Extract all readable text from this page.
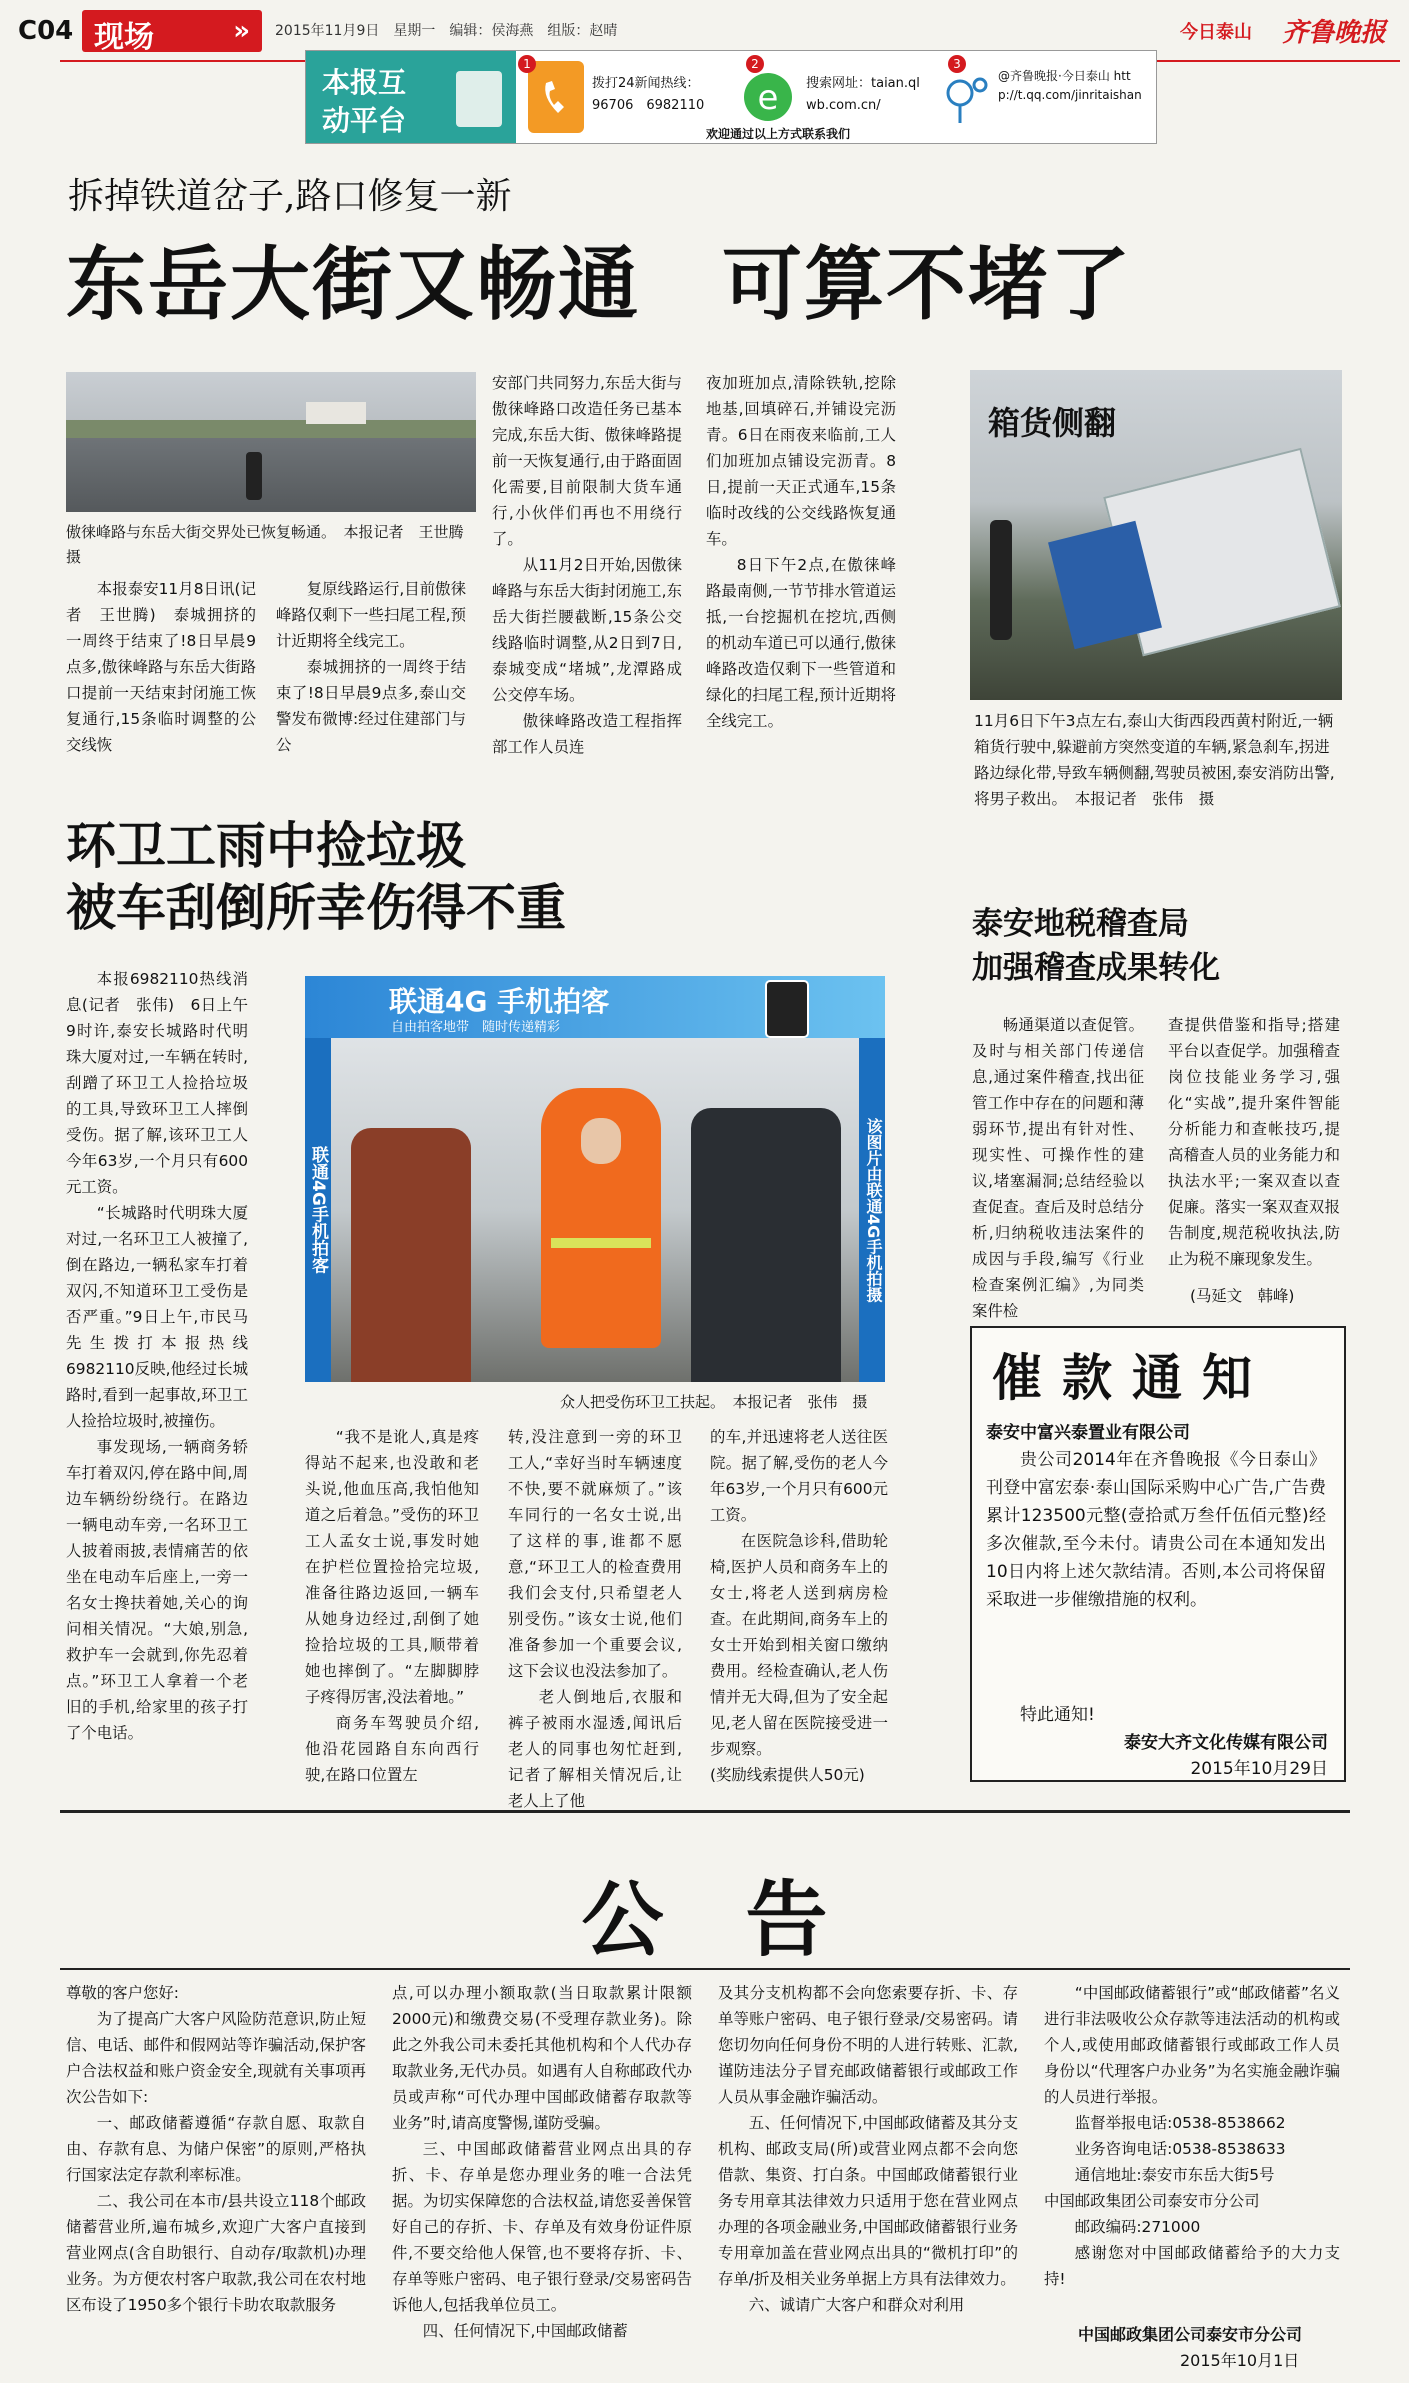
C04 现场	» 2015年11月9日　星期一　编辑：侯海燕　组版：赵晴	今日泰山 齐鲁晚报
本报互
动平台
1
拨打24新闻热线：96706　6982110 e
2
搜索网址：taian.qlwb.com.cn/
3
@齐鲁晚报·今日泰山 http://t.qq.com/jinritaishan
欢迎通过以上方式联系我们
拆掉铁道岔子,路口修复一新
东岳大街又畅通　可算不堵了
傲徕峰路与东岳大街交界处已恢复畅通。　本报记者　王世腾　摄

本报泰安11月8日讯(记者　王世腾)　泰城拥挤的一周终于结束了!8日早晨9点多,傲徕峰路与东岳大街路口提前一天结束封闭施工恢复通行,15条临时调整的公交线恢

复原线路运行,目前傲徕峰路仅剩下一些扫尾工程,预计近期将全线完工。

泰城拥挤的一周终于结束了!8日早晨9点多,泰山交警发布微博:经过住建部门与公

安部门共同努力,东岳大街与傲徕峰路口改造任务已基本完成,东岳大街、傲徕峰路提前一天恢复通行,由于路面固化需要,目前限制大货车通行,小伙伴们再也不用绕行了。

从11月2日开始,因傲徕峰路与东岳大街封闭施工,东岳大街拦腰截断,15条公交线路临时调整,从2日到7日,泰城变成“堵城”,龙潭路成公交停车场。

傲徕峰路改造工程指挥部工作人员连

夜加班加点,清除铁轨,挖除地基,回填碎石,并铺设完沥青。6日在雨夜来临前,工人们加班加点铺设完沥青。8日,提前一天正式通车,15条临时改线的公交线路恢复通车。

8日下午2点,在傲徕峰路最南侧,一节节排水管道运抵,一台挖掘机在挖坑,西侧的机动车道已可以通行,傲徕峰路改造仅剩下一些管道和绿化的扫尾工程,预计近期将全线完工。

箱货侧翻
11月6日下午3点左右,泰山大街西段西黄村附近,一辆箱货行驶中,躲避前方突然变道的车辆,紧急刹车,拐进路边绿化带,导致车辆侧翻,驾驶员被困,泰安消防出警,将男子救出。　本报记者　张伟　摄
环卫工雨中捡垃圾
被车刮倒所幸伤得不重

本报6982110热线消息(记者　张伟)　6日上午9时许,泰安长城路时代明珠大厦对过,一车辆在转时,刮蹭了环卫工人捡拾垃圾的工具,导致环卫工人摔倒受伤。据了解,该环卫工人今年63岁,一个月只有600元工资。

“长城路时代明珠大厦对过,一名环卫工人被撞了,倒在路边,一辆私家车打着双闪,不知道环卫工受伤是否严重。”9日上午,市民马先生拨打本报热线6982110反映,他经过长城路时,看到一起事故,环卫工人捡拾垃圾时,被撞伤。

事发现场,一辆商务轿车打着双闪,停在路中间,周边车辆纷纷绕行。在路边一辆电动车旁,一名环卫工人披着雨披,表情痛苦的依坐在电动车后座上,一旁一名女士搀扶着她,关心的询问相关情况。“大娘,别急,救护车一会就到,你先忍着点。”环卫工人拿着一个老旧的手机,给家里的孩子打了个电话。

联通4G 手机拍客
自由拍客地带　随时传递精彩
联通4G手机拍客	该图片由联通4G手机拍摄
众人把受伤环卫工扶起。　本报记者　张伟　摄

“我不是讹人,真是疼得站不起来,也没敢和老头说,他血压高,我怕他知道之后着急。”受伤的环卫工人孟女士说,事发时她在护栏位置捡拾完垃圾,准备往路边返回,一辆车从她身边经过,刮倒了她捡拾垃圾的工具,顺带着她也摔倒了。“左脚脚脖子疼得厉害,没法着地。”

商务车驾驶员介绍,他沿花园路自东向西行驶,在路口位置左

转,没注意到一旁的环卫工人,“幸好当时车辆速度不快,要不就麻烦了。”该车同行的一名女士说,出了这样的事,谁都不愿意,“环卫工人的检查费用我们会支付,只希望老人别受伤。”该女士说,他们准备参加一个重要会议,这下会议也没法参加了。

老人倒地后,衣服和裤子被雨水湿透,闻讯后老人的同事也匆忙赶到,记者了解相关情况后,让老人上了他

的车,并迅速将老人送往医院。据了解,受伤的老人今年63岁,一个月只有600元工资。

在医院急诊科,借助轮椅,医护人员和商务车上的女士,将老人送到病房检查。在此期间,商务车上的女士开始到相关窗口缴纳费用。经检查确认,老人伤情并无大碍,但为了安全起见,老人留在医院接受进一步观察。

(奖励线索提供人50元)

泰安地税稽查局
加强稽查成果转化

畅通渠道以查促管。及时与相关部门传递信息,通过案件稽查,找出征管工作中存在的问题和薄弱环节,提出有针对性、现实性、可操作性的建议,堵塞漏洞;总结经验以查促查。查后及时总结分析,归纳税收违法案件的成因与手段,编写《行业检查案例汇编》,为同类案件检

查提供借鉴和指导;搭建平台以查促学。加强稽查岗位技能业务学习,强化“实战”,提升案件智能分析能力和查帐技巧,提高稽查人员的业务能力和执法水平;一案双查以查促廉。落实一案双查双报告制度,规范税收执法,防止为税不廉现象发生。

(马延文　韩峰)
催款通知
泰安中富兴泰置业有限公司
贵公司2014年在齐鲁晚报《今日泰山》刊登中富宏泰·泰山国际采购中心广告,广告费累计123500元整(壹拾贰万叁仟伍佰元整)经多次催款,至今未付。请贵公司在本通知发出10日内将上述欠款结清。否则,本公司将保留采取进一步催缴措施的权利。
特此通知!
泰安大齐文化传媒有限公司
2015年10月29日
公　告

尊敬的客户您好:

为了提高广大客户风险防范意识,防止短信、电话、邮件和假网站等诈骗活动,保护客户合法权益和账户资金安全,现就有关事项再次公告如下:

一、邮政储蓄遵循“存款自愿、取款自由、存款有息、为储户保密”的原则,严格执行国家法定存款利率标准。

二、我公司在本市/县共设立118个邮政储蓄营业所,遍布城乡,欢迎广大客户直接到营业网点(含自助银行、自动存/取款机)办理业务。为方便农村客户取款,我公司在农村地区布设了1950多个银行卡助农取款服务

点,可以办理小额取款(当日取款累计限额2000元)和缴费交易(不受理存款业务)。除此之外我公司未委托其他机构和个人代办存取款业务,无代办员。如遇有人自称邮政代办员或声称“可代办理中国邮政储蓄存取款等业务”时,请高度警惕,谨防受骗。

三、中国邮政储蓄营业网点出具的存折、卡、存单是您办理业务的唯一合法凭据。为切实保障您的合法权益,请您妥善保管好自己的存折、卡、存单及有效身份证件原件,不要交给他人保管,也不要将存折、卡、存单等账户密码、电子银行登录/交易密码告诉他人,包括我单位员工。

四、任何情况下,中国邮政储蓄

及其分支机构都不会向您索要存折、卡、存单等账户密码、电子银行登录/交易密码。请您切勿向任何身份不明的人进行转账、汇款,谨防违法分子冒充邮政储蓄银行或邮政工作人员从事金融诈骗活动。

五、任何情况下,中国邮政储蓄及其分支机构、邮政支局(所)或营业网点都不会向您借款、集资、打白条。中国邮政储蓄银行业务专用章其法律效力只适用于您在营业网点办理的各项金融业务,中国邮政储蓄银行业务专用章加盖在营业网点出具的“微机打印”的存单/折及相关业务单据上方具有法律效力。

六、诚请广大客户和群众对利用

“中国邮政储蓄银行”或“邮政储蓄”名义进行非法吸收公众存款等违法活动的机构或个人,或使用邮政储蓄银行或邮政工作人员身份以“代理客户办业务”为名实施金融诈骗的人员进行举报。

监督举报电话:0538-8538662

业务咨询电话:0538-8538633

通信地址:泰安市东岳大街5号

中国邮政集团公司泰安市分公司

邮政编码:271000

感谢您对中国邮政储蓄给予的大力支持!

中国邮政集团公司泰安市分公司
2015年10月1日
